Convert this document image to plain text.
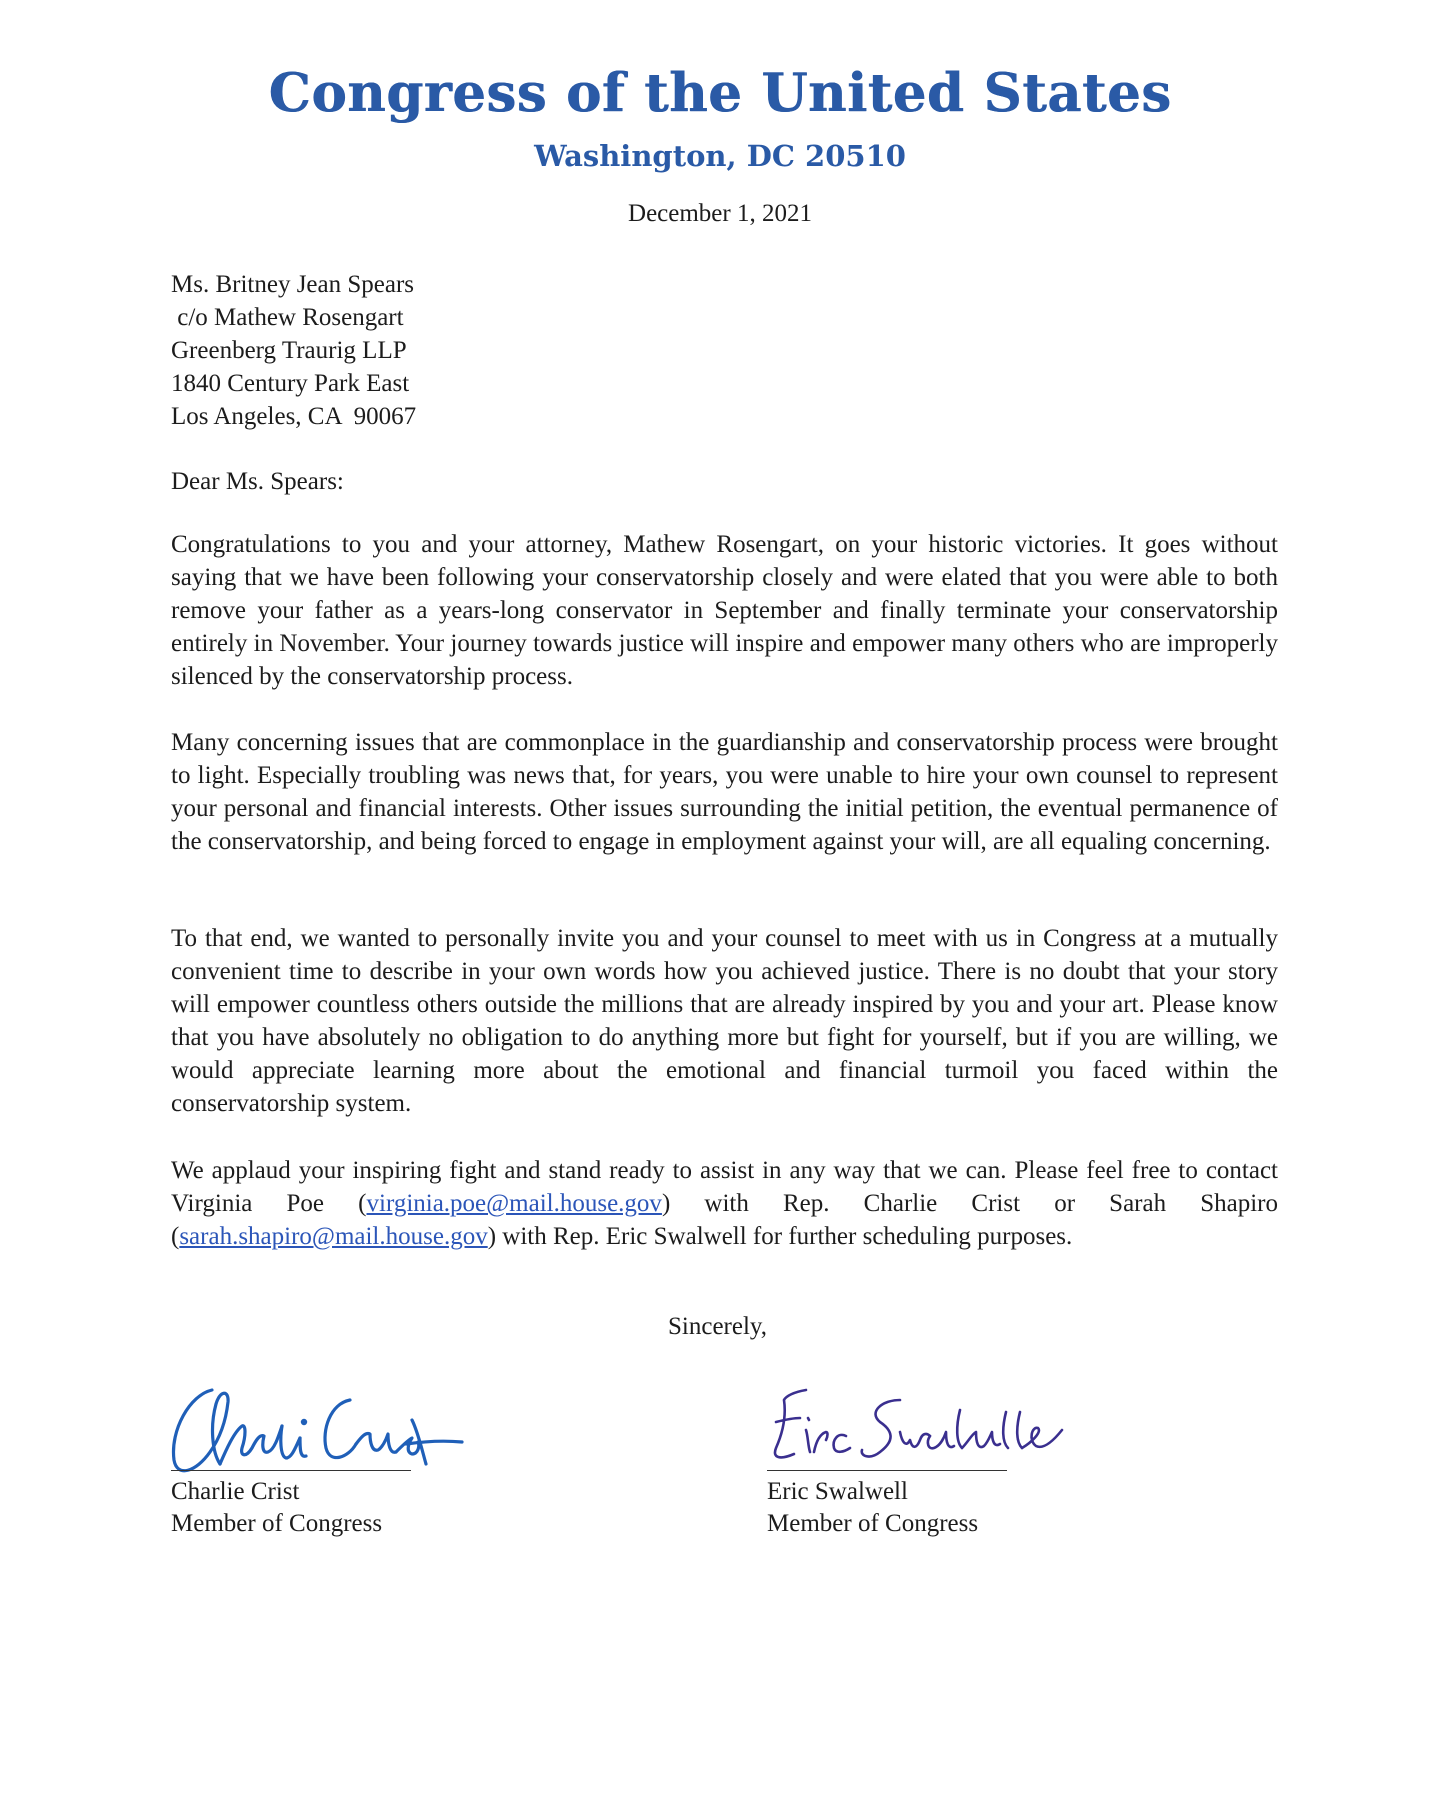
Congress of the United States
Washington, DC 20510
December 1, 2021
Ms. Britney Jean Spears
c/o Mathew Rosengart
Greenberg Traurig LLP
1840 Century Park East
Los Angeles, CA  90067
Dear Ms. Spears:

Congratulations to you and your attorney, Mathew Rosengart, on your historic victories. It goes without saying that we have been following your conservatorship closely and were elated that you were able to both remove your father as a years-long conservator in September and finally terminate your conservatorship entirely in November. Your journey towards justice will inspire and empower many others who are improperly silenced by the conservatorship process.

Many concerning issues that are commonplace in the guardianship and conservatorship process were brought to light. Especially troubling was news that, for years, you were unable to hire your own counsel to represent your personal and financial interests. Other issues surrounding the initial petition, the eventual permanence of the conservatorship, and being forced to engage in employment against your will, are all equaling concerning.

To that end, we wanted to personally invite you and your counsel to meet with us in Congress at a mutually convenient time to describe in your own words how you achieved justice. There is no doubt that your story will empower countless others outside the millions that are already inspired by you and your art. Please know that you have absolutely no obligation to do anything more but fight for yourself, but if you are willing, we would appreciate learning more about the emotional and financial turmoil you faced within the conservatorship system.

We applaud your inspiring fight and stand ready to assist in any way that we can. Please feel free to contact Virginia Poe (virginia.poe@mail.house.gov) with Rep. Charlie Crist or Sarah Shapiro (sarah.shapiro@mail.house.gov) with Rep. Eric Swalwell for further scheduling purposes.

Sincerely,
Charlie Crist
Member of Congress
Eric Swalwell
Member of Congress
